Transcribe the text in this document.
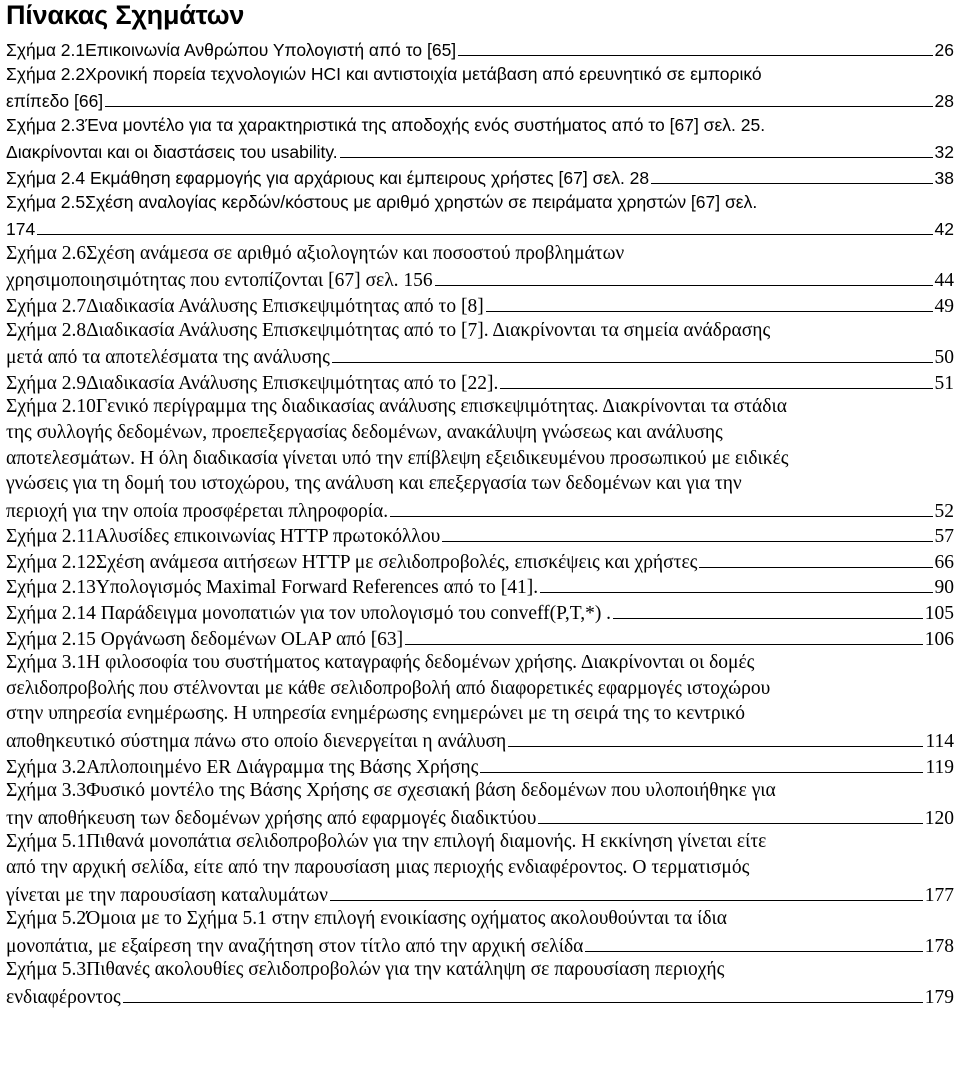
Πίνακας Σχημάτων
Σχήμα 2.1Επικοινωνία Ανθρώπου Υπολογιστή από το [65]	26
Σχήμα 2.2Χρονική πορεία τεχνολογιών HCI και αντιστοιχία μετάβαση από ερευνητικό σε εμπορικό
επίπεδο [66]	28
Σχήμα 2.3Ένα μοντέλο για τα χαρακτηριστικά της αποδοχής ενός συστήματος από το [67] σελ. 25.
Διακρίνονται και οι διαστάσεις του usability.	32
Σχήμα 2.4 Εκμάθηση εφαρμογής για αρχάριους και έμπειρους χρήστες [67] σελ. 28	38
Σχήμα 2.5Σχέση αναλογίας κερδών/κόστους με αριθμό χρηστών σε πειράματα χρηστών [67] σελ.
174	42
Σχήμα 2.6Σχέση ανάμεσα σε αριθμό αξιολογητών και ποσοστού προβλημάτων
χρησιμοποιησιμότητας που εντοπίζονται [67] σελ. 156	44
Σχήμα 2.7Διαδικασία Ανάλυσης Επισκεψιμότητας από το [8]	49
Σχήμα 2.8Διαδικασία Ανάλυσης Επισκεψιμότητας από το [7]. Διακρίνονται τα σημεία ανάδρασης
μετά από τα αποτελέσματα της ανάλυσης	50
Σχήμα 2.9Διαδικασία Ανάλυσης Επισκεψιμότητας από το [22].	51
Σχήμα 2.10Γενικό περίγραμμα της διαδικασίας ανάλυσης επισκεψιμότητας. Διακρίνονται τα στάδια
της συλλογής δεδομένων, προεπεξεργασίας δεδομένων, ανακάλυψη γνώσεως και ανάλυσης
αποτελεσμάτων. Η όλη διαδικασία γίνεται υπό την επίβλεψη εξειδικευμένου προσωπικού με ειδικές
γνώσεις για τη δομή του ιστοχώρου, της ανάλυση και επεξεργασία των δεδομένων και για την
περιοχή για την οποία προσφέρεται πληροφορία.	52
Σχήμα 2.11Αλυσίδες επικοινωνίας HTTP πρωτοκόλλου	57
Σχήμα 2.12Σχέση ανάμεσα αιτήσεων HTTP με σελιδοπροβολές, επισκέψεις και χρήστες	66
Σχήμα 2.13Υπολογισμός Maximal Forward References από το [41].	90
Σχήμα 2.14 Παράδειγμα μονοπατιών για τον υπολογισμό του conveff(P,T,*) .	105
Σχήμα 2.15 Οργάνωση δεδομένων OLAP από [63]	106
Σχήμα 3.1Η φιλοσοφία του συστήματος καταγραφής δεδομένων χρήσης. Διακρίνονται οι δομές
σελιδοπροβολής που στέλνονται με κάθε σελιδοπροβολή από διαφορετικές εφαρμογές ιστοχώρου
στην υπηρεσία ενημέρωσης. Η υπηρεσία ενημέρωσης ενημερώνει με τη σειρά της το κεντρικό
αποθηκευτικό σύστημα πάνω στο οποίο διενεργείται η ανάλυση	114
Σχήμα 3.2Απλοποιημένο ER Διάγραμμα της Βάσης Χρήσης	119
Σχήμα 3.3Φυσικό μοντέλο της Βάσης Χρήσης σε σχεσιακή βάση δεδομένων που υλοποιήθηκε για
την αποθήκευση των δεδομένων χρήσης από εφαρμογές διαδικτύου	120
Σχήμα 5.1Πιθανά μονοπάτια σελιδοπροβολών για την επιλογή διαμονής. Η εκκίνηση γίνεται είτε
από την αρχική σελίδα, είτε από την παρουσίαση μιας περιοχής ενδιαφέροντος. Ο τερματισμός
γίνεται με την παρουσίαση καταλυμάτων	177
Σχήμα 5.2Όμοια με το Σχήμα 5.1 στην επιλογή ενοικίασης οχήματος ακολουθούνται τα ίδια
μονοπάτια, με εξαίρεση την αναζήτηση στον τίτλο από την αρχική σελίδα	178
Σχήμα 5.3Πιθανές ακολουθίες σελιδοπροβολών για την κατάληψη σε παρουσίαση περιοχής
ενδιαφέροντος	179
